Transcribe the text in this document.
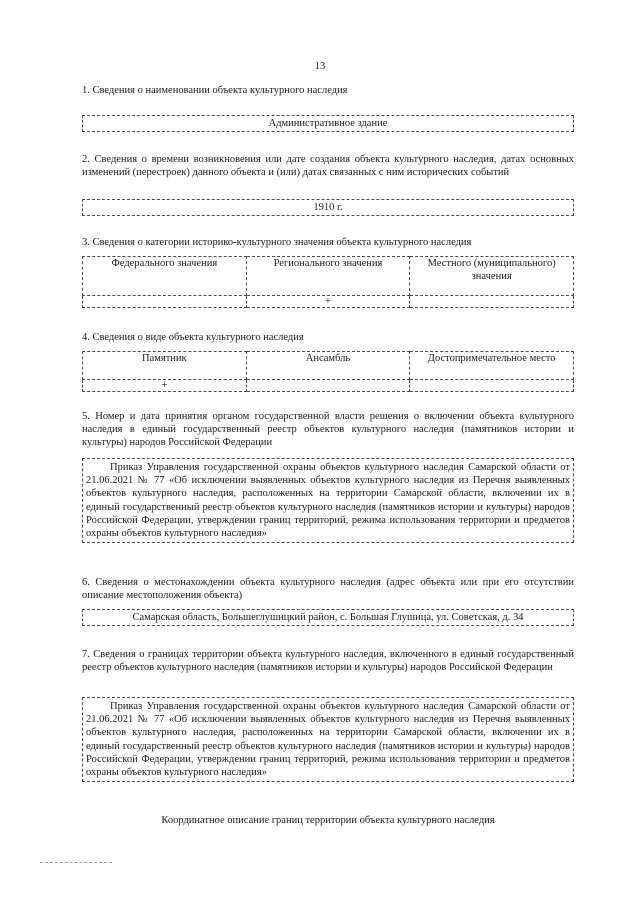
13
1. Сведения о наименовании объекта культурного наследия
Административное здание
2. Сведения о времени возникновения или дате создания объекта культурного наследия, датах основных изменений (перестроек) данного объекта и (или) датах связанных с ним исторических событий
1910 г.
3. Сведения о категории историко-культурного значения объекта культурного наследия
Федерального значения	Регионального значения	Местного (муниципального) значения
	+	
4. Сведения о виде объекта культурного наследия
Памятник	Ансамбль	Достопримечательное место
+		
5. Номер и дата принятия органом государственной власти решения о включении объекта культурного наследия в единый государственный реестр объектов культурного наследия (памятников истории и культуры) народов Российской Федерации
Приказ Управления государственной охраны объектов культурного наследия Самарской области от 21.06.2021 № 77 «Об исключении выявленных объектов культурного наследия из Перечня выявленных объектов культурного наследия, расположенных на территории Самарской области, включении их в единый государственный реестр объектов культурного наследия (памятников истории и культуры) народов Российской Федерации, утверждении границ территорий, режима использования территории и предметов охраны объектов культурного наследия»
6. Сведения о местонахождении объекта культурного наследия (адрес объекта или при его отсутствии описание местоположения объекта)
Самарская область, Большеглушицкий район, с. Большая Глушица, ул. Советская, д. 34
7. Сведения о границах территории объекта культурного наследия, включенного в единый государственный реестр объектов культурного наследия (памятников истории и культуры) народов Российской Федерации
Приказ Управления государственной охраны объектов культурного наследия Самарской области от 21.06.2021 № 77 «Об исключении выявленных объектов культурного наследия из Перечня выявленных объектов культурного наследия, расположенных на территории Самарской области, включении их в единый государственный реестр объектов культурного наследия (памятников истории и культуры) народов Российской Федерации, утверждении границ территорий, режима использования территории и предметов охраны объектов культурного наследия»
Координатное описание границ территории объекта культурного наследия
